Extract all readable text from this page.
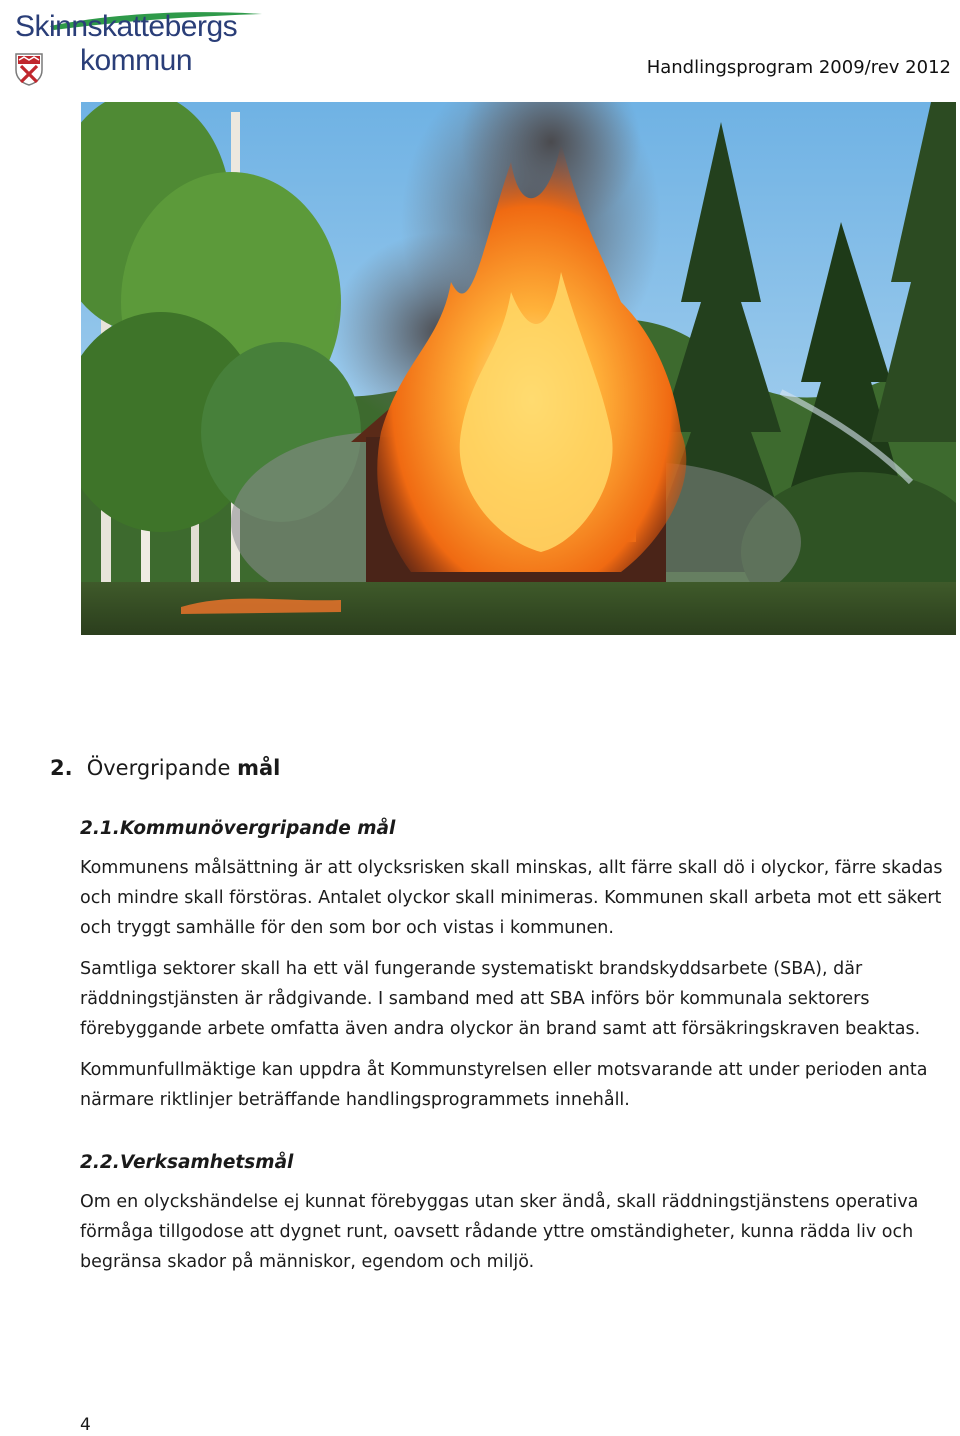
Skinnskattebergs
kommun	Handlingsprogram 2009/rev 2012
2. Övergripande mål
2.1.Kommunövergripande mål
Kommunens målsättning är att olycksrisken skall minskas, allt färre skall dö i olyckor, färre skadas och mindre skall förstöras. Antalet olyckor skall minimeras. Kommunen skall arbeta mot ett säkert och tryggt samhälle för den som bor och vistas i kommunen.
Samtliga sektorer skall ha ett väl fungerande systematiskt brandskyddsarbete (SBA), där räddningstjänsten är rådgivande. I samband med att SBA införs bör kommunala sektorers förebyggande arbete omfatta även andra olyckor än brand samt att försäkringskraven beaktas.
Kommunfullmäktige kan uppdra åt Kommunstyrelsen eller motsvarande att under perioden anta närmare riktlinjer beträffande handlingsprogrammets innehåll.
2.2.Verksamhetsmål
Om en olyckshändelse ej kunnat förebyggas utan sker ändå, skall räddningstjänstens operativa förmåga tillgodose att dygnet runt, oavsett rådande yttre omständigheter, kunna rädda liv och begränsa skador på människor, egendom och miljö.
4
